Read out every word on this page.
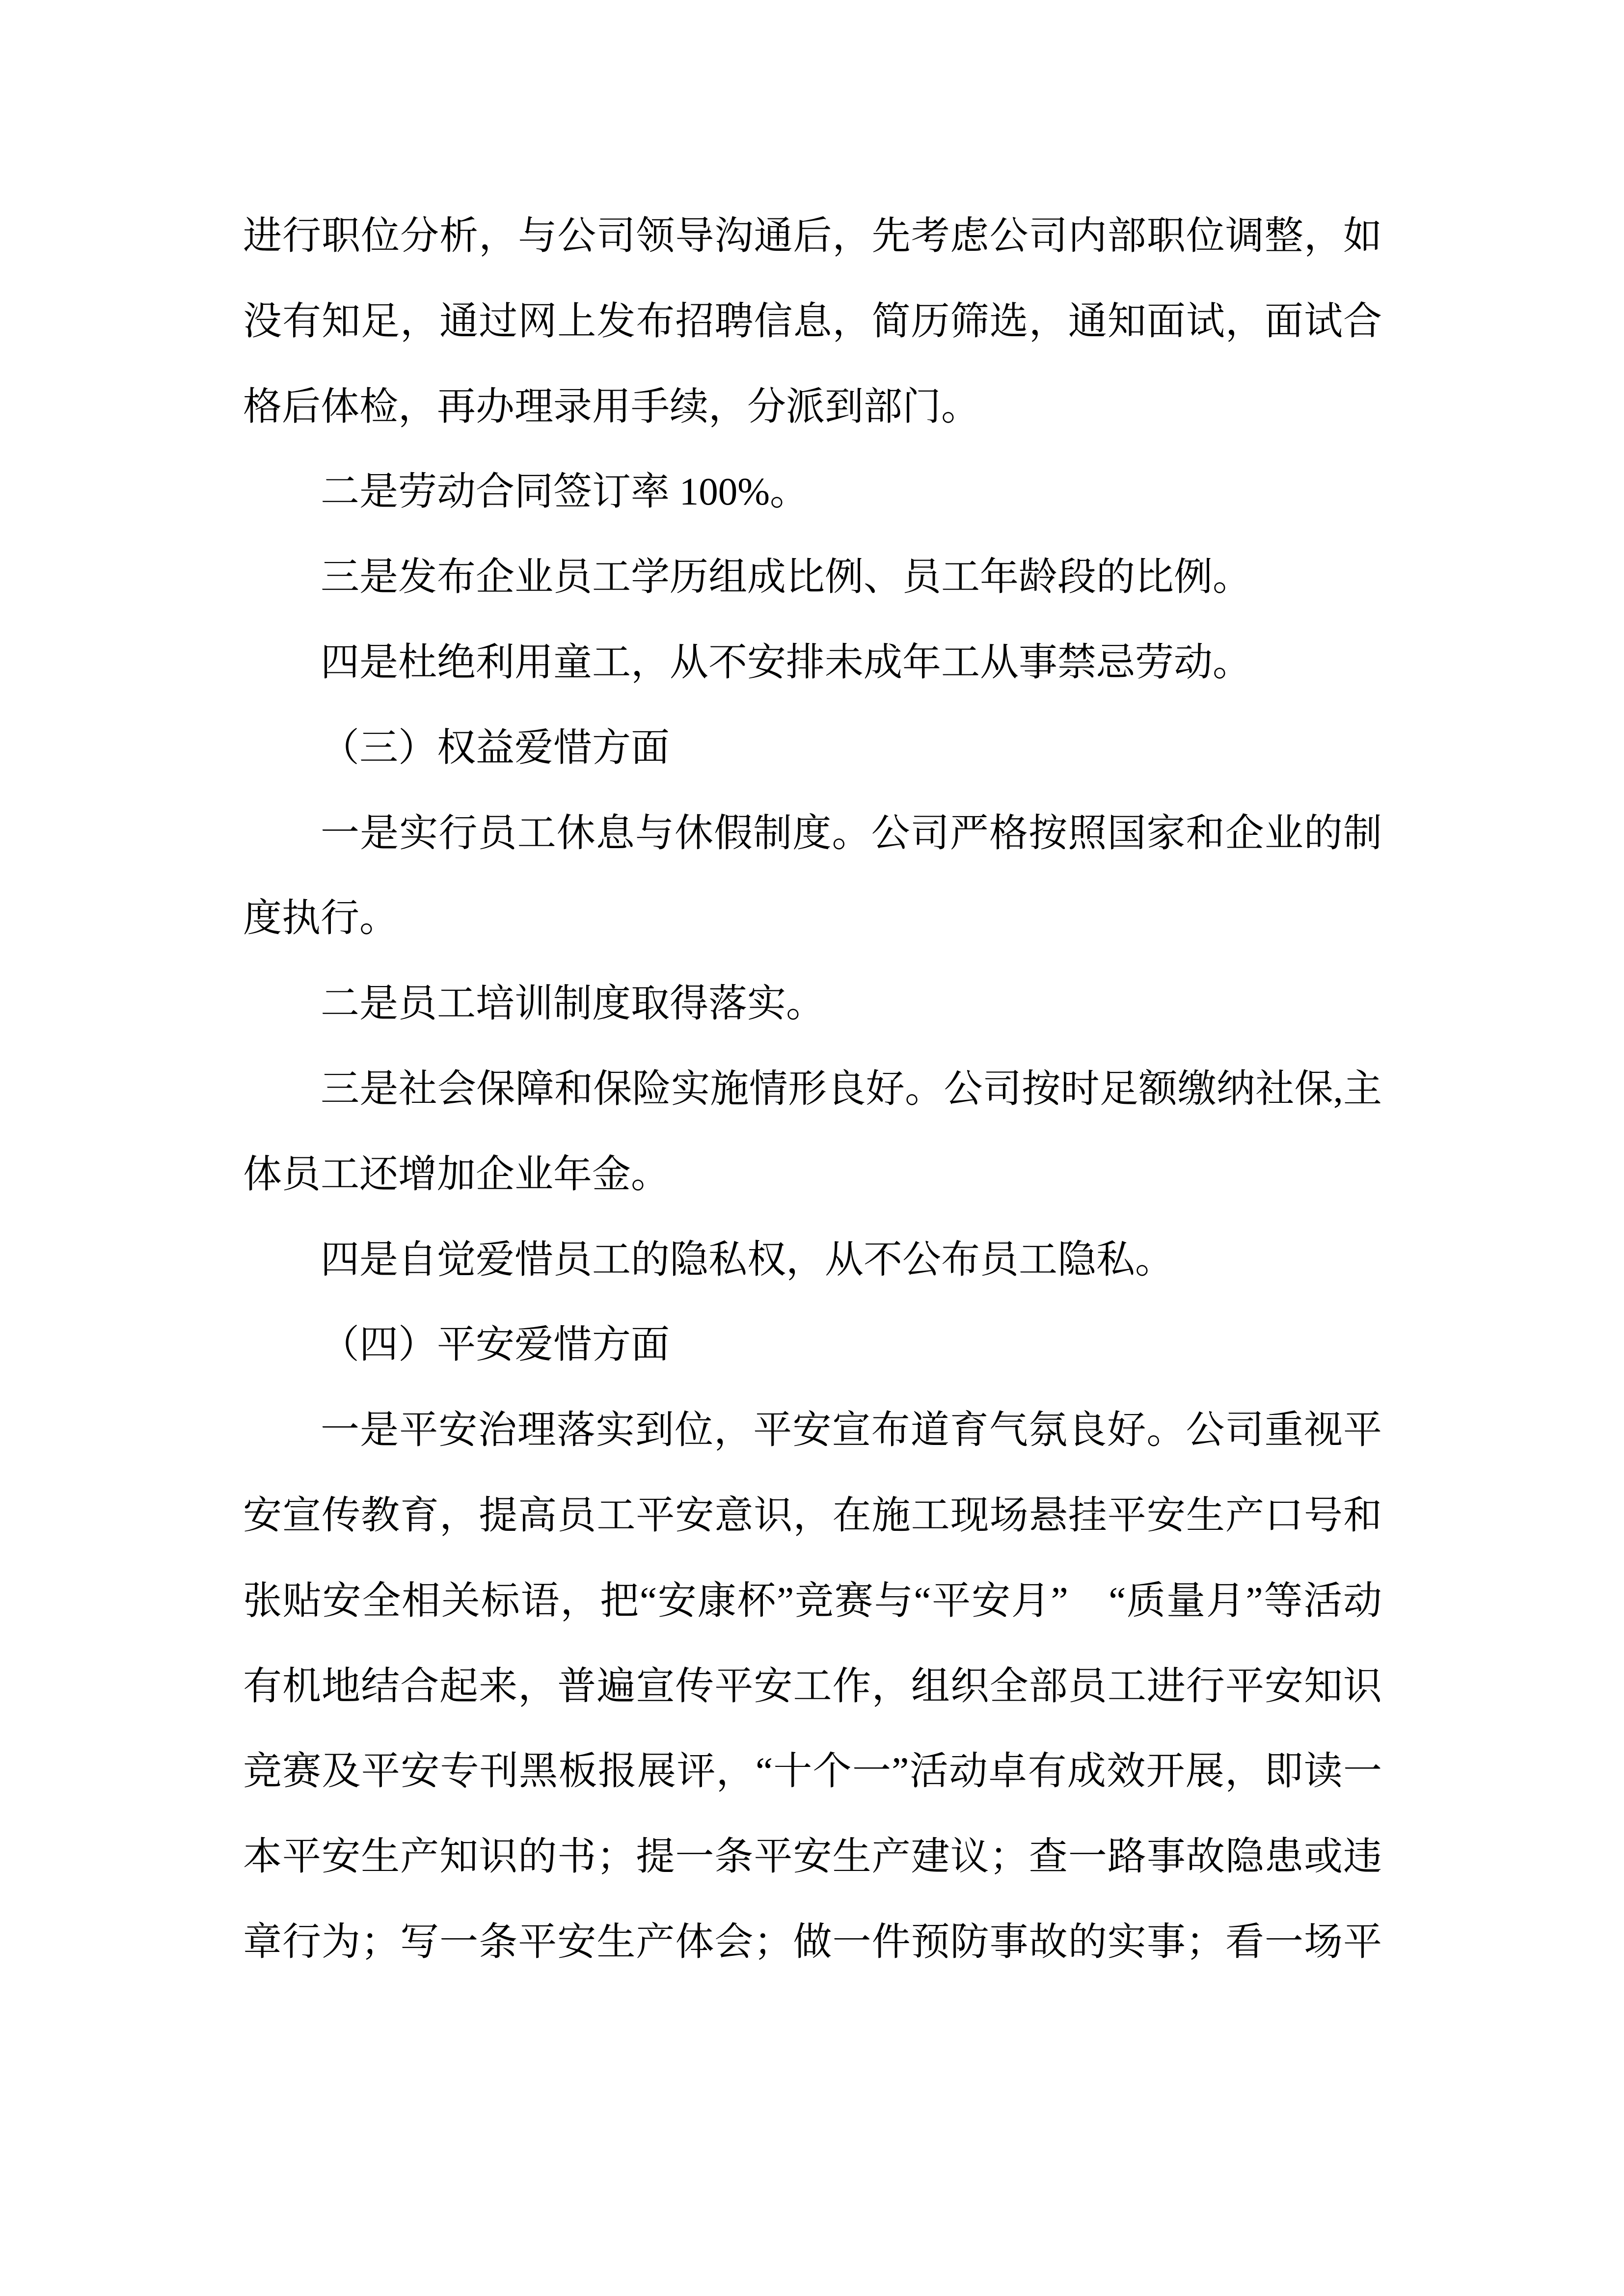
进行职位分析，与公司领导沟通后，先考虑公司内部职位调整，如
没有知足，通过网上发布招聘信息，简历筛选，通知面试，面试合
格后体检，再办理录用手续，分派到部门。
二是劳动合同签订率 100%。
三是发布企业员工学历组成比例、员工年龄段的比例。
四是杜绝利用童工，从不安排未成年工从事禁忌劳动。
（三）权益爱惜方面
一是实行员工休息与休假制度。公司严格按照国家和企业的制
度执行。
二是员工培训制度取得落实。
三是社会保障和保险实施情形良好。公司按时足额缴纳社保,主
体员工还增加企业年金。
四是自觉爱惜员工的隐私权，从不公布员工隐私。
（四）平安爱惜方面
一是平安治理落实到位，平安宣布道育气氛良好。公司重视平
安宣传教育，提高员工平安意识，在施工现场悬挂平安生产口号和
张贴安全相关标语，把“安康杯”竞赛与“平安月”　“质量月”等活动
有机地结合起来，普遍宣传平安工作，组织全部员工进行平安知识
竞赛及平安专刊黑板报展评，“十个一”活动卓有成效开展，即读一
本平安生产知识的书；提一条平安生产建议；查一路事故隐患或违
章行为；写一条平安生产体会；做一件预防事故的实事；看一场平
